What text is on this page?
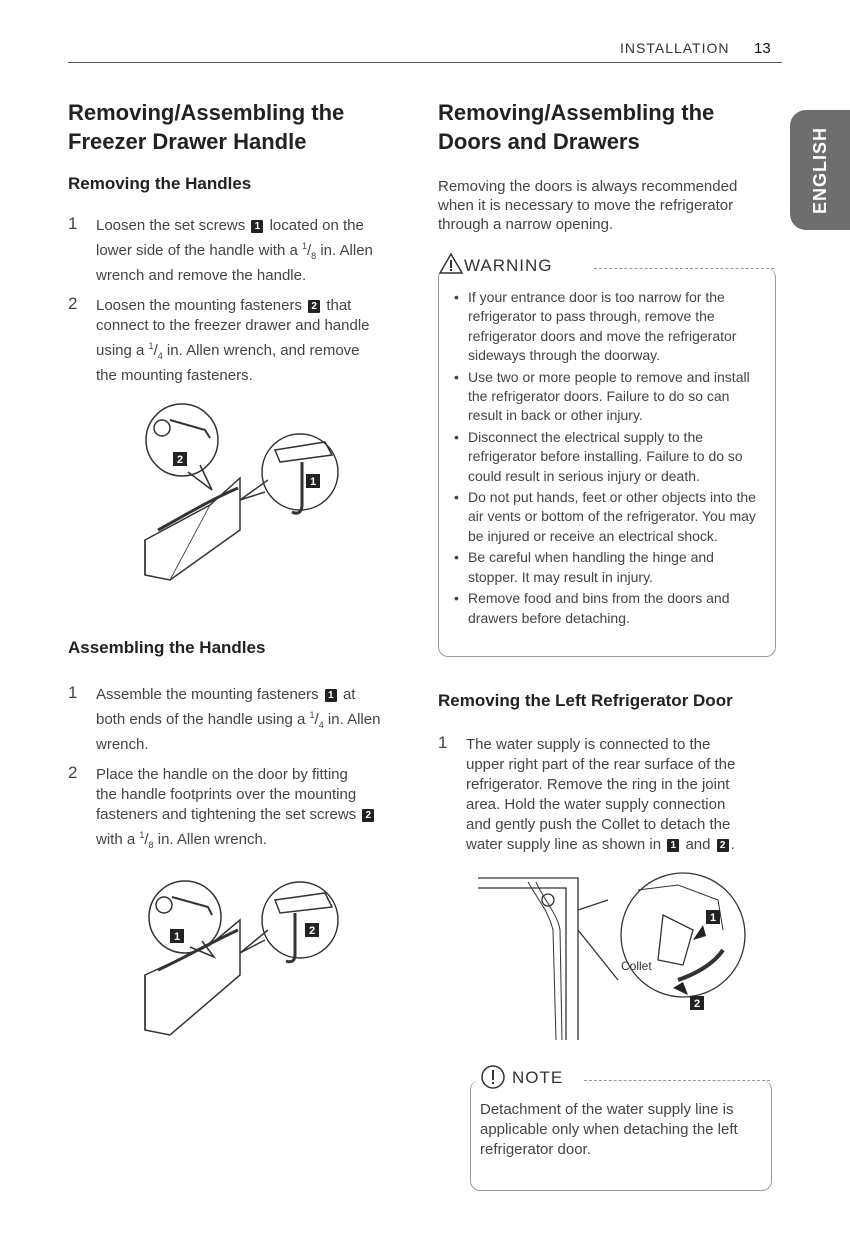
INSTALLATION 13
ENGLISH
Removing/Assembling the
Freezer Drawer Handle
Removing the Handles
1 Loosen the set screws 1 located on the
lower side of the handle with a $^1/_8$ in. Allen
wrench and remove the handle.
2 Loosen the mounting fasteners 2 that
connect to the freezer drawer and handle
using a $^1/_4$ in. Allen wrench, and remove
the mounting fasteners.
2
1
Assembling the Handles
1 Assemble the mounting fasteners 1 at
both ends of the handle using a $^1/_4$ in. Allen
wrench.
2 Place the handle on the door by fitting
the handle footprints over the mounting
fasteners and tightening the set screws 2
with a $^1/_8$ in. Allen wrench.
1	2
Removing/Assembling the
Doors and Drawers
Removing the doors is always recommended
when it is necessary to move the refrigerator
through a narrow opening.
WARNING
• If your entrance door is too narrow for the refrigerator to pass through, remove the refrigerator doors and move the refrigerator sideways through the doorway.
• Use two or more people to remove and install the refrigerator doors. Failure to do so can result in back or other injury.
• Disconnect the electrical supply to the refrigerator before installing. Failure to do so could result in serious injury or death.
• Do not put hands, feet or other objects into the air vents or bottom of the refrigerator. You may be injured or receive an electrical shock.
• Be careful when handling the hinge and stopper. It may result in injury.
• Remove food and bins from the doors and drawers before detaching.
Removing the Left Refrigerator Door
1 The water supply is connected to the
upper right part of the rear surface of the
refrigerator. Remove the ring in the joint
area. Hold the water supply connection
and gently push the Collet to detach the
water supply line as shown in 1 and 2 .
Collet
1
2
NOTE
Detachment of the water supply line is applicable only when detaching the left refrigerator door.
